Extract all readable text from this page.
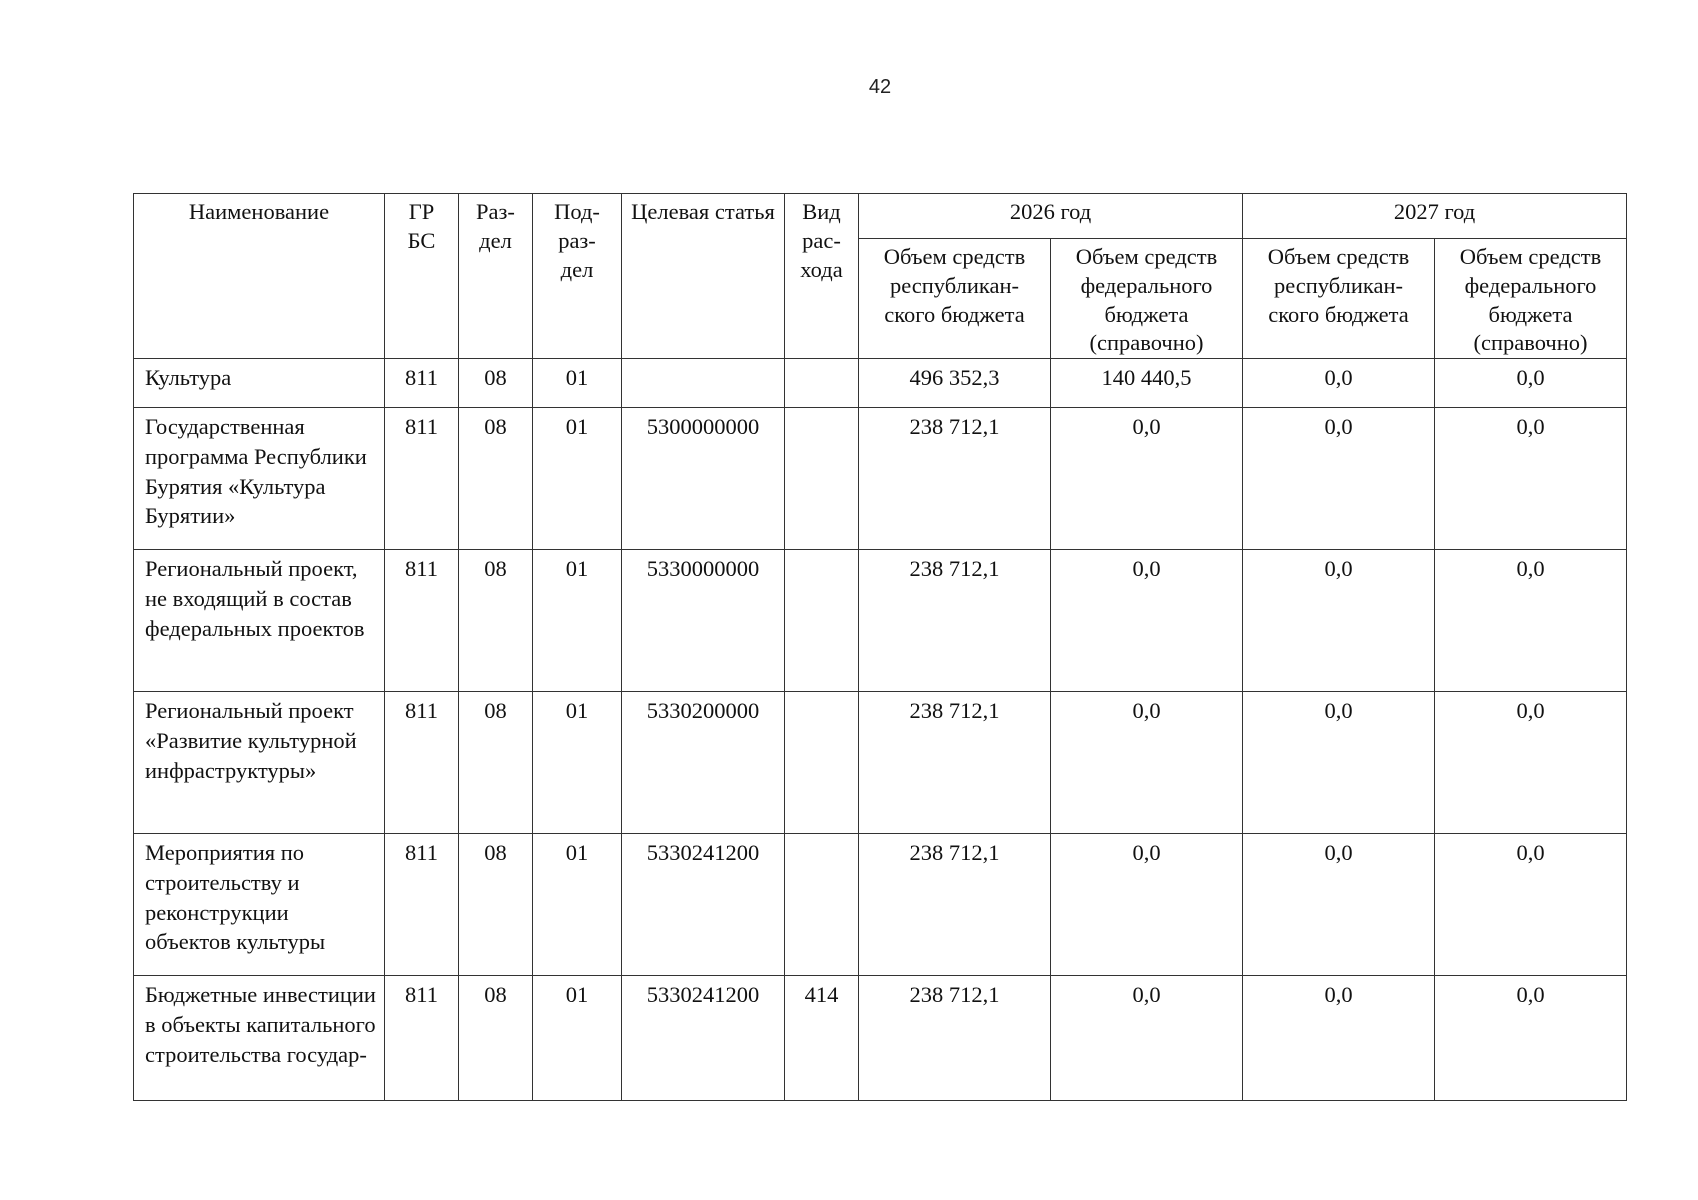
42
Наименование	ГР БС	Раз- дел	Под- раз- дел	Целевая статья	Вид рас- хода	2026 год		2027 год	
						Объем средств республикан- ского бюджета	Объем средств федерального бюджета (справочно)	Объем средств республикан- ского бюджета	Объем средств федерального бюджета (справочно)
Культура	811	08	01			496 352,3	140 440,5	0,0	0,0
Государственная программа Республики Бурятия «Культура Бурятии»	811	08	01	5300000000		238 712,1	0,0	0,0	0,0
Региональный проект, не входящий в состав федеральных проектов	811	08	01	5330000000		238 712,1	0,0	0,0	0,0
Региональный проект «Развитие культурной инфраструктуры»	811	08	01	5330200000		238 712,1	0,0	0,0	0,0
Мероприятия по строительству и реконструкции объектов культуры	811	08	01	5330241200		238 712,1	0,0	0,0	0,0
Бюджетные инвестиции в объекты капитального строительства государ-	811	08	01	5330241200	414	238 712,1	0,0	0,0	0,0
